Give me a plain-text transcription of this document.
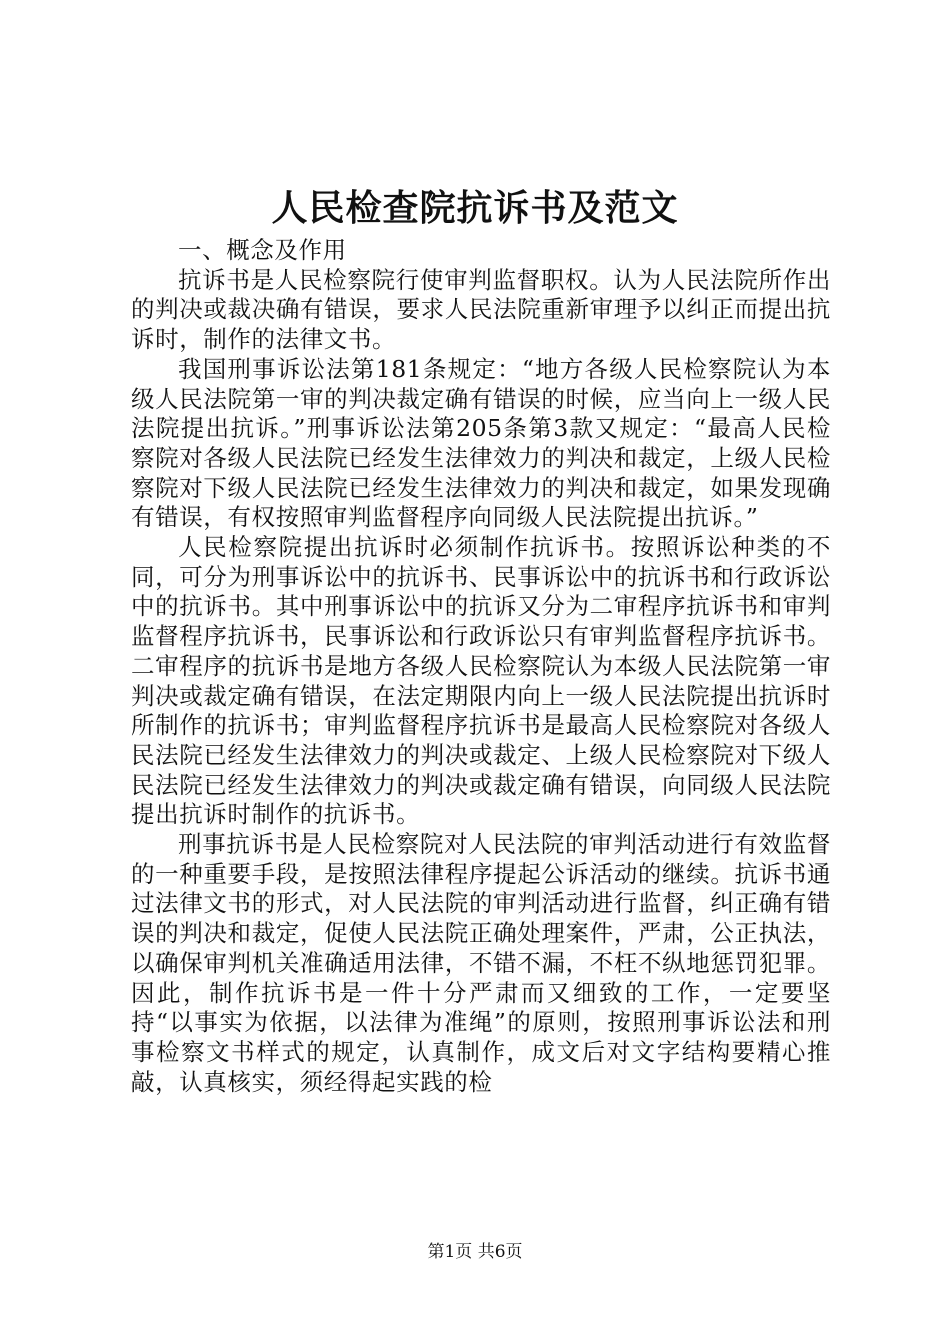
人民检查院抗诉书及范文

一、概念及作用

抗诉书是人民检察院行使审判监督职权。认为人民法院所作出的判决或裁决确有错误，要求人民法院重新审理予以纠正而提出抗诉时，制作的法律文书。

我国刑事诉讼法第181条规定：“地方各级人民检察院认为本级人民法院第一审的判决裁定确有错误的时候，应当向上一级人民法院提出抗诉。”刑事诉讼法第205条第3款又规定：“最高人民检察院对各级人民法院已经发生法律效力的判决和裁定，上级人民检察院对下级人民法院已经发生法律效力的判决和裁定，如果发现确有错误，有权按照审判监督程序向同级人民法院提出抗诉。”

人民检察院提出抗诉时必须制作抗诉书。按照诉讼种类的不同，可分为刑事诉讼中的抗诉书、民事诉讼中的抗诉书和行政诉讼中的抗诉书。其中刑事诉讼中的抗诉又分为二审程序抗诉书和审判监督程序抗诉书，民事诉讼和行政诉讼只有审判监督程序抗诉书。二审程序的抗诉书是地方各级人民检察院认为本级人民法院第一审判决或裁定确有错误，在法定期限内向上一级人民法院提出抗诉时所制作的抗诉书；审判监督程序抗诉书是最高人民检察院对各级人民法院已经发生法律效力的判决或裁定、上级人民检察院对下级人民法院已经发生法律效力的判决或裁定确有错误，向同级人民法院提出抗诉时制作的抗诉书。

刑事抗诉书是人民检察院对人民法院的审判活动进行有效监督的一种重要手段，是按照法律程序提起公诉活动的继续。抗诉书通过法律文书的形式，对人民法院的审判活动进行监督，纠正确有错误的判决和裁定，促使人民法院正确处理案件，严肃，公正执法，以确保审判机关准确适用法律，不错不漏，不枉不纵地惩罚犯罪。因此，制作抗诉书是一件十分严肃而又细致的工作，一定要坚持“以事实为依据，以法律为准绳”的原则，按照刑事诉讼法和刑事检察文书样式的规定，认真制作，成文后对文字结构要精心推敲，认真核实，须经得起实践的检

第1页 共6页
